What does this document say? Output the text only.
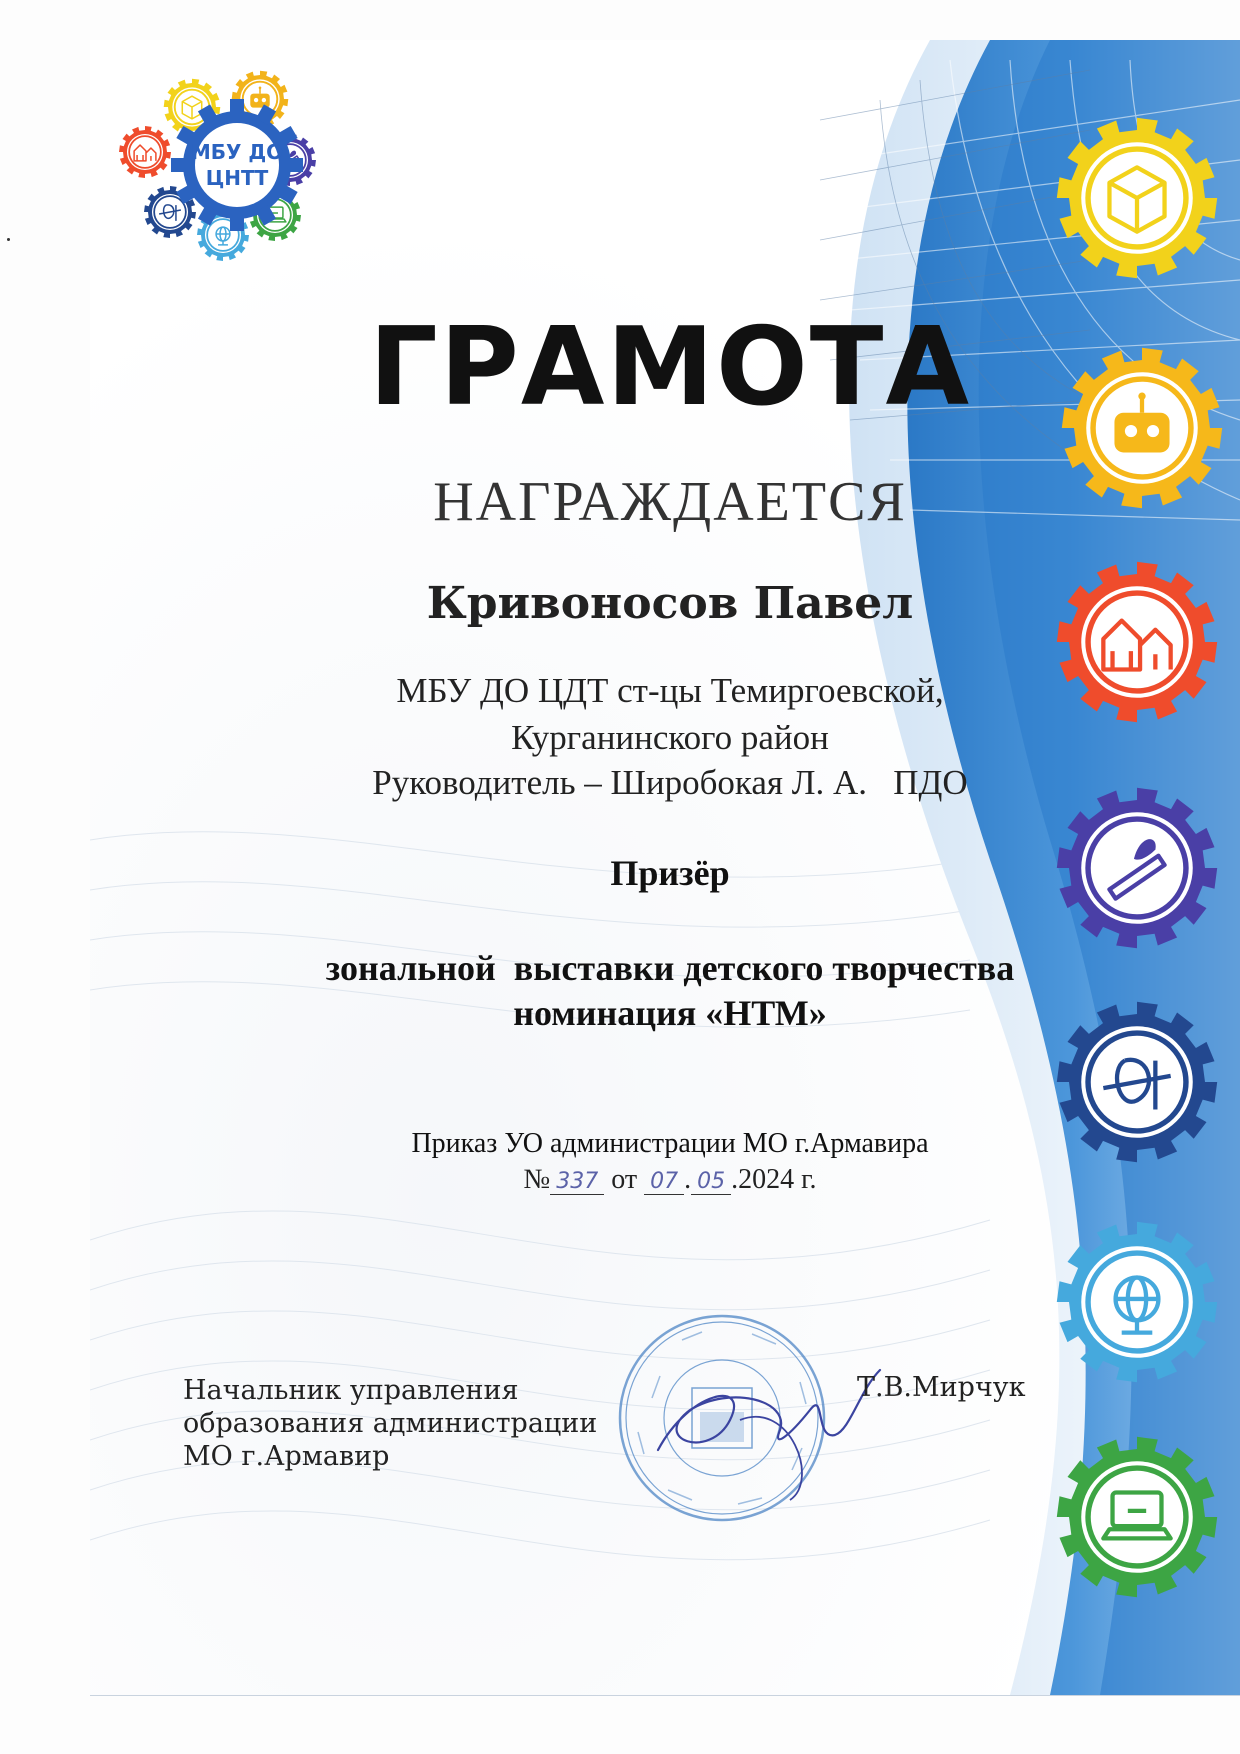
МБУ ДО
ЦНТТ
ГРАМОТА
НАГРАЖДАЕТСЯ
Кривоносов Павел
МБУ ДО ЦДТ ст-цы Темиргоевской,
Курганинского район
Руководитель – Широбокая Л. А.   ПДО
Призёр
зональной  выставки детского творчества
номинация «НТМ»
Приказ УО администрации МО г.Армавира
№ 337 от 07 . 05 .2024 г.
Начальник управления
образования администрации
МО г.Армавир
Т.В.Мирчук
